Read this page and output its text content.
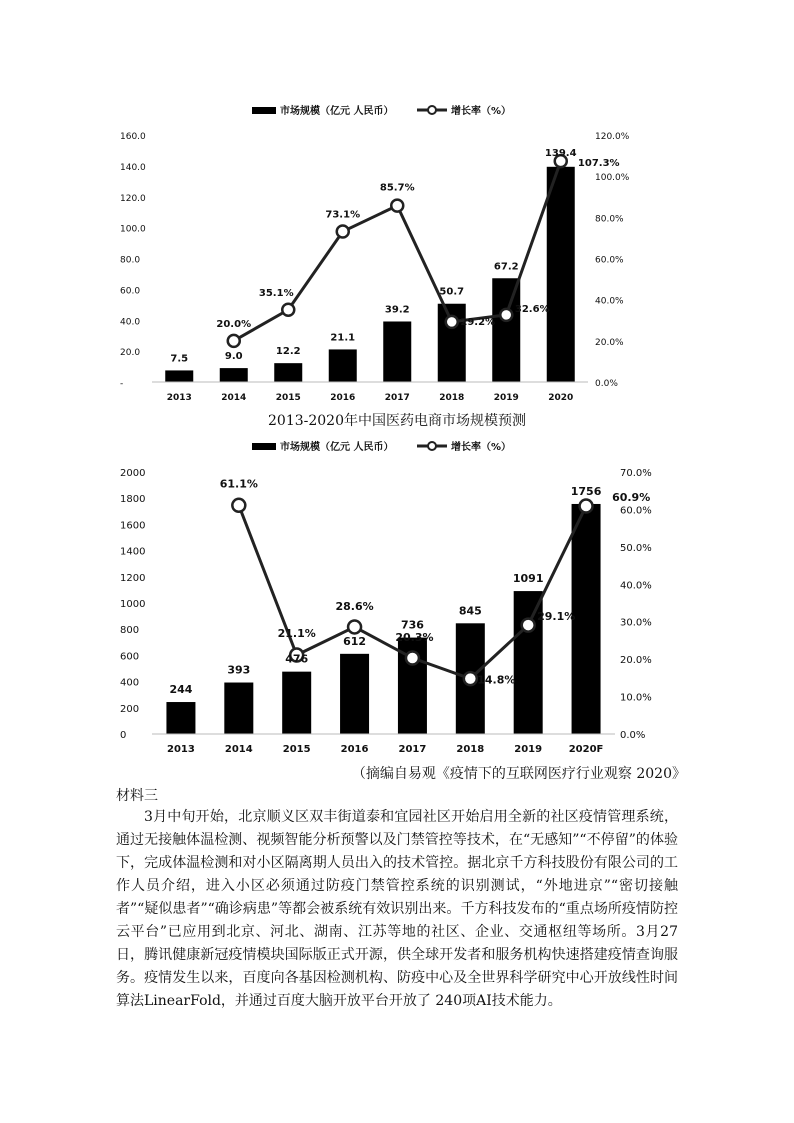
市场规模（亿元 人民币）	增长率（%）
-
20.0
40.0
60.0
80.0
100.0
120.0
140.0
160.0
0.0%
20.0%
40.0%
60.0%
80.0%
100.0%
120.0%
2013	2014	2015	2016	2017	2018	2019	2020
7.5	9.0	12.2
21.1
39.2
50.7
67.2
139.4
20.0%
35.1%
73.1%
85.7%
29.2%
32.6%
107.3%
2013-2020年中国医药电商市场规模预测
市场规模（亿元 人民币）	增长率（%）
0
200
400
600
800
1000
1200
1400
1600
1800
2000
0.0%
10.0%
20.0%
30.0%
40.0%
50.0%
60.0%
70.0%
2013	2014	2015	2016	2017	2018	2019	2020F
244
393
476
612
736
845
1091
1756
61.1%
21.1%
28.6%
20.3%
14.8%
29.1%
60.9%
（摘编自易观《疫情下的互联网医疗行业观察 2020》
材料三

3月中旬开始，北京顺义区双丰街道泰和宜园社区开始启用全新的社区疫情管理系统，通过无接触体温检测、视频智能分析预警以及门禁管控等技术，在“无感知”“不停留”的体验下，完成体温检测和对小区隔离期人员出入的技术管控。据北京千方科技股份有限公司的工作人员介绍，进入小区必须通过防疫门禁管控系统的识别测试，“外地进京”“密切接触者”“疑似患者”“确诊病患”等都会被系统有效识别出来。千方科技发布的“重点场所疫情防控云平台”已应用到北京、河北、湖南、江苏等地的社区、企业、交通枢纽等场所。3月27日，腾讯健康新冠疫情模块国际版正式开源，供全球开发者和服务机构快速搭建疫情查询服务。疫情发生以来，百度向各基因检测机构、防疫中心及全世界科学研究中心开放线性时间算法LinearFold，并通过百度大脑开放平台开放了 240项AI技术能力。
